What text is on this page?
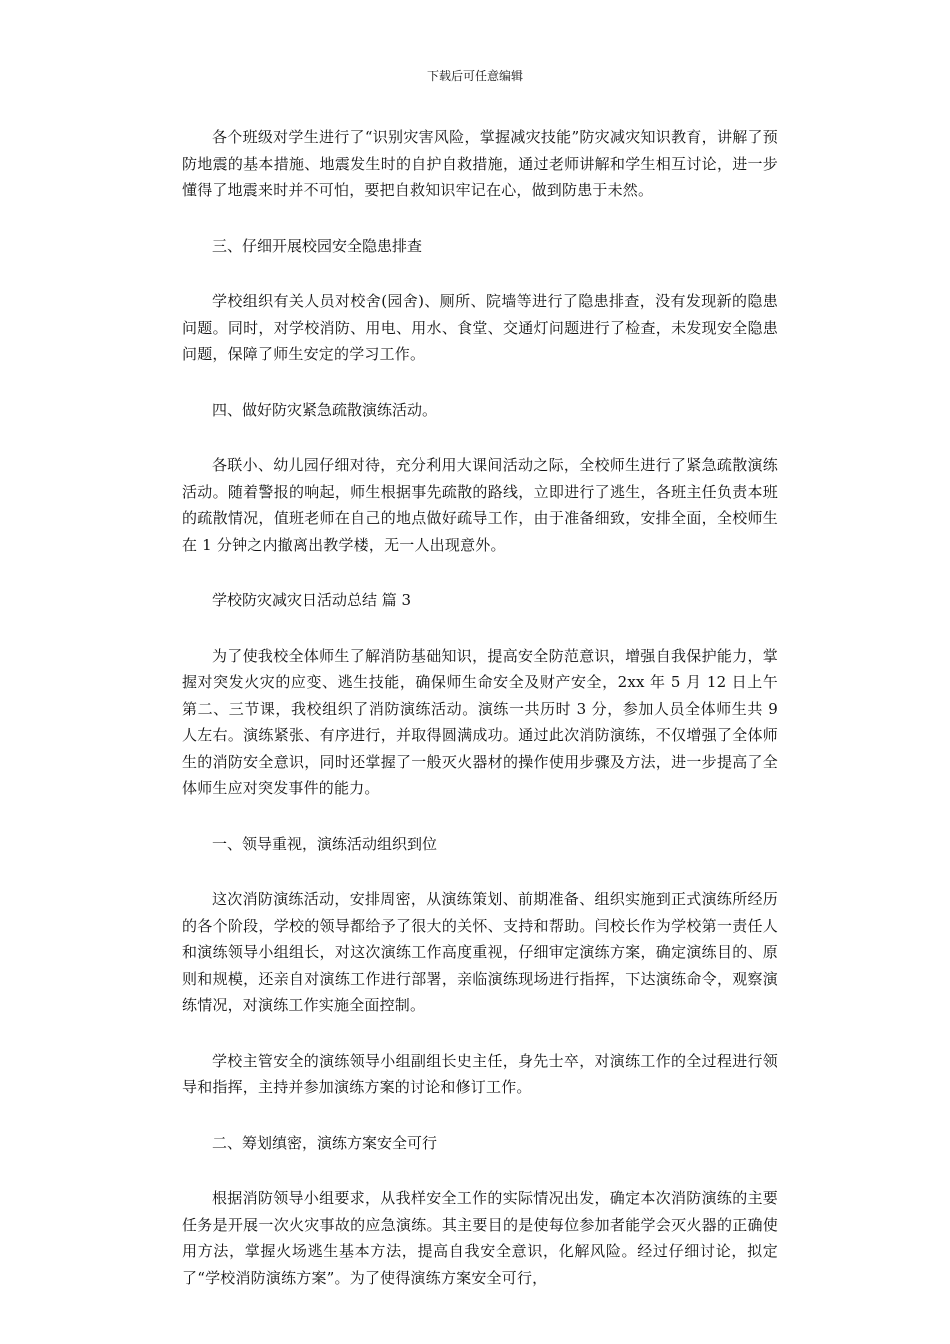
下载后可任意编辑

各个班级对学生进行了“识别灾害风险，掌握减灾技能”防灾减灾知识教育，讲解了预防地震的基本措施、地震发生时的自护自救措施，通过老师讲解和学生相互讨论，进一步懂得了地震来时并不可怕，要把自救知识牢记在心，做到防患于未然。

三、仔细开展校园安全隐患排查

学校组织有关人员对校舍(园舍)、厕所、院墙等进行了隐患排查，没有发现新的隐患问题。同时，对学校消防、用电、用水、食堂、交通灯问题进行了检查，未发现安全隐患问题，保障了师生安定的学习工作。

四、做好防灾紧急疏散演练活动。

各联小、幼儿园仔细对待，充分利用大课间活动之际，全校师生进行了紧急疏散演练活动。随着警报的响起，师生根据事先疏散的路线，立即进行了逃生，各班主任负责本班的疏散情况，值班老师在自己的地点做好疏导工作，由于准备细致，安排全面，全校师生在 1 分钟之内撤离出教学楼，无一人出现意外。

学校防灾减灾日活动总结 篇 3

为了使我校全体师生了解消防基础知识，提高安全防范意识，增强自我保护能力，掌握对突发火灾的应变、逃生技能，确保师生命安全及财产安全，2xx 年 5 月 12 日上午第二、三节课，我校组织了消防演练活动。演练一共历时 3 分，参加人员全体师生共 9 人左右。演练紧张、有序进行，并取得圆满成功。通过此次消防演练，不仅增强了全体师生的消防安全意识，同时还掌握了一般灭火器材的操作使用步骤及方法，进一步提高了全体师生应对突发事件的能力。

一、领导重视，演练活动组织到位

这次消防演练活动，安排周密，从演练策划、前期准备、组织实施到正式演练所经历的各个阶段，学校的领导都给予了很大的关怀、支持和帮助。闫校长作为学校第一责任人和演练领导小组组长，对这次演练工作高度重视，仔细审定演练方案，确定演练目的、原则和规模，还亲自对演练工作进行部署，亲临演练现场进行指挥，下达演练命令，观察演练情况，对演练工作实施全面控制。

学校主管安全的演练领导小组副组长史主任，身先士卒，对演练工作的全过程进行领导和指挥，主持并参加演练方案的讨论和修订工作。

二、筹划缜密，演练方案安全可行

根据消防领导小组要求，从我样安全工作的实际情况出发，确定本次消防演练的主要任务是开展一次火灾事故的应急演练。其主要目的是使每位参加者能学会灭火器的正确使用方法，掌握火场逃生基本方法，提高自我安全意识，化解风险。经过仔细讨论，拟定了“学校消防演练方案”。为了使得演练方案安全可行，
